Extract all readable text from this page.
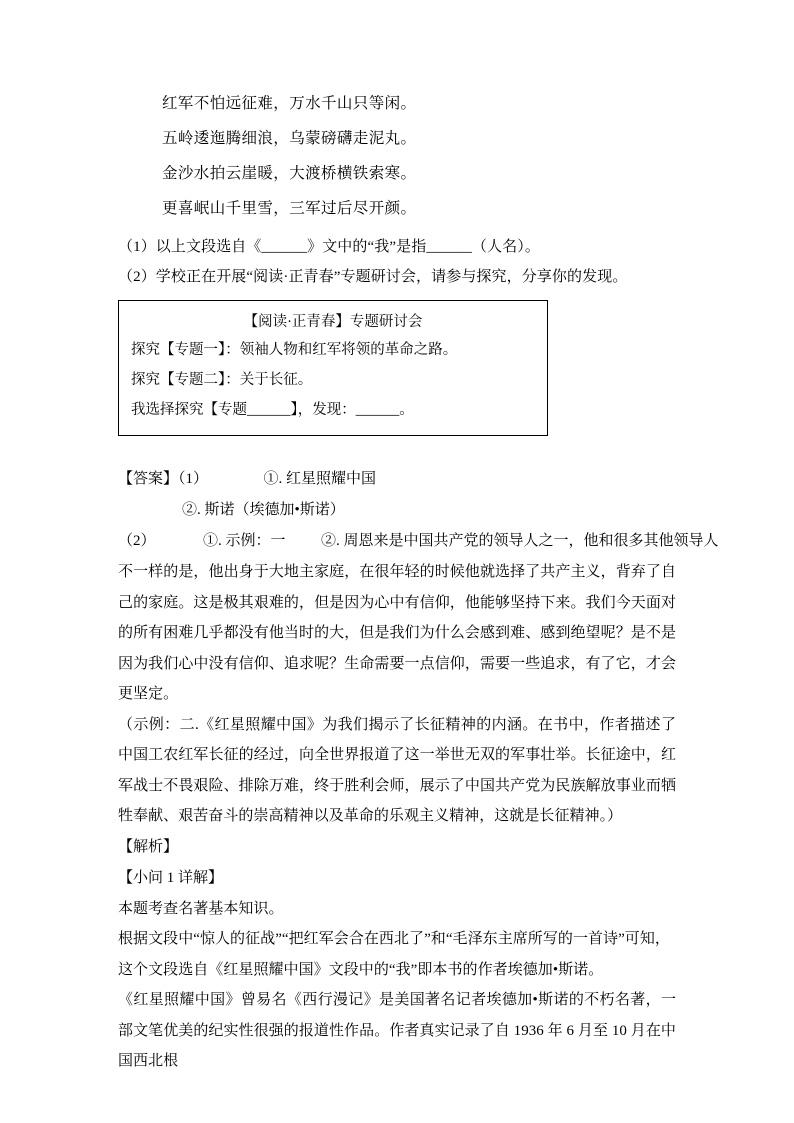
红军不怕远征难，万水千山只等闲。
五岭逶迤腾细浪，乌蒙磅礴走泥丸。
金沙水拍云崖暖，大渡桥横铁索寒。
更喜岷山千里雪，三军过后尽开颜。
（1）以上文段选自《______》文中的“我”是指______（人名）。
（2）学校正在开展“阅读·正青春”专题研讨会，请参与探究，分享你的发现。
【阅读·正青春】专题研讨会
探究【专题一】：领袖人物和红军将领的革命之路。
探究【专题二】：关于长征。
我选择探究【专题______】，发现：______。
【答案】（1）	①. 红星照耀中国
②. 斯诺（埃德加•斯诺）
（2）	①. 示例：一 ②. 周恩来是中国共产党的领导人之一，他和很多其他领导人
不一样的是，他出身于大地主家庭，在很年轻的时候他就选择了共产主义，背弃了自己的家庭。这是极其艰难的，但是因为心中有信仰，他能够坚持下来。我们今天面对的所有困难几乎都没有他当时的大，但是我们为什么会感到难、感到绝望呢？是不是因为我们心中没有信仰、追求呢？生命需要一点信仰，需要一些追求，有了它，才会更坚定。
（示例：二.《红星照耀中国》为我们揭示了长征精神的内涵。在书中，作者描述了中国工农红军长征的经过，向全世界报道了这一举世无双的军事壮举。长征途中，红军战士不畏艰险、排除万难，终于胜利会师，展示了中国共产党为民族解放事业而牺牲奉献、艰苦奋斗的崇高精神以及革命的乐观主义精神，这就是长征精神。）
【解析】
【小问 1 详解】
本题考查名著基本知识。
根据文段中“惊人的征战”“把红军会合在西北了”和“毛泽东主席所写的一首诗”可知，
这个文段选自《红星照耀中国》文段中的“我”即本书的作者埃德加•斯诺。
《红星照耀中国》曾易名《西行漫记》是美国著名记者埃德加•斯诺的不朽名著，一部文笔优美的纪实性很强的报道性作品。作者真实记录了自 1936 年 6 月至 10 月在中国西北根
